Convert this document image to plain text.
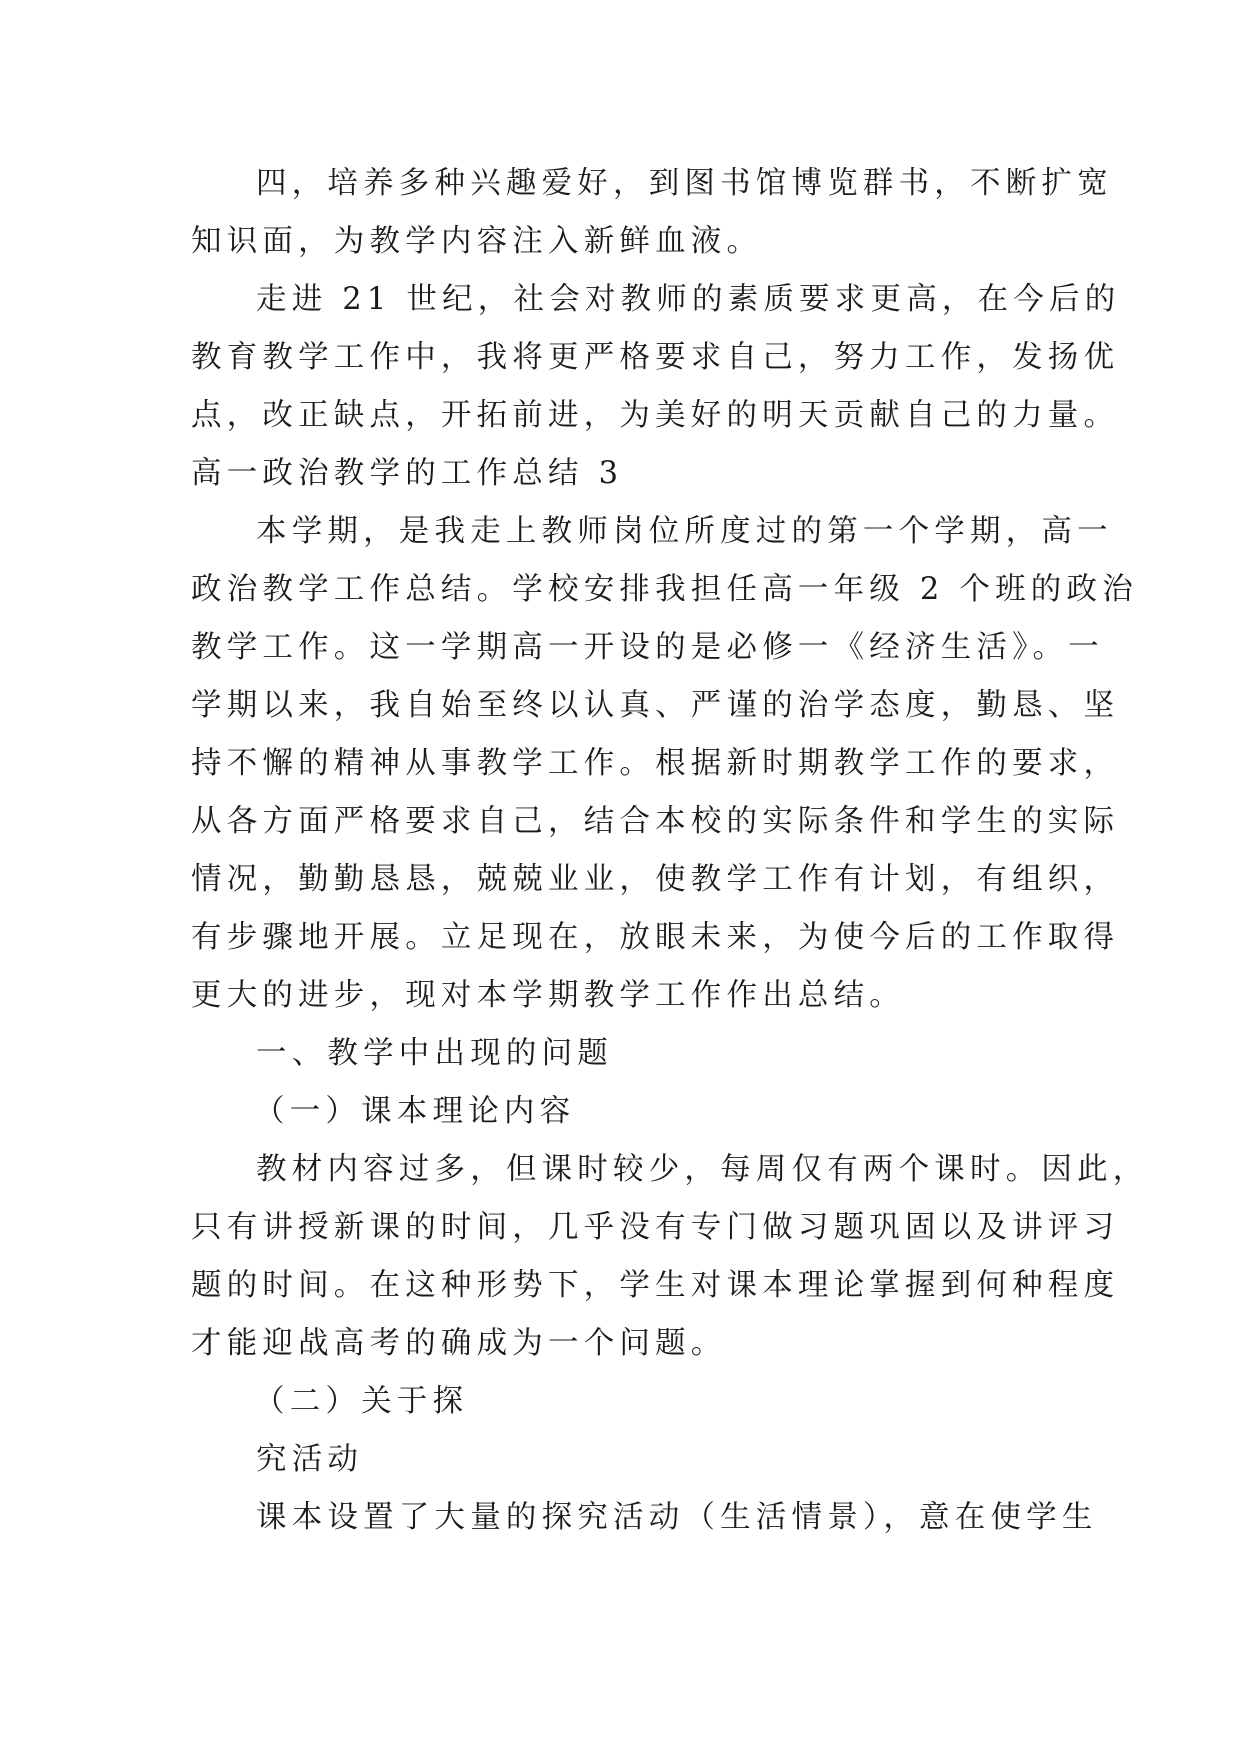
四，培养多种兴趣爱好，到图书馆博览群书，不断扩宽

知识面，为教学内容注入新鲜血液。

走进 21 世纪，社会对教师的素质要求更高，在今后的

教育教学工作中，我将更严格要求自己，努力工作，发扬优

点，改正缺点，开拓前进，为美好的明天贡献自己的力量。

高一政治教学的工作总结 3

本学期，是我走上教师岗位所度过的第一个学期，高一

政治教学工作总结。学校安排我担任高一年级 2 个班的政治

教学工作。这一学期高一开设的是必修一《经济生活》。一

学期以来，我自始至终以认真、严谨的治学态度，勤恳、坚

持不懈的精神从事教学工作。根据新时期教学工作的要求，

从各方面严格要求自己，结合本校的实际条件和学生的实际

情况，勤勤恳恳，兢兢业业，使教学工作有计划，有组织，

有步骤地开展。立足现在，放眼未来，为使今后的工作取得

更大的进步，现对本学期教学工作作出总结。

一、教学中出现的问题

（一）课本理论内容

教材内容过多，但课时较少，每周仅有两个课时。因此，

只有讲授新课的时间，几乎没有专门做习题巩固以及讲评习

题的时间。在这种形势下，学生对课本理论掌握到何种程度

才能迎战高考的确成为一个问题。

（二）关于探

究活动

课本设置了大量的探究活动（生活情景），意在使学生
